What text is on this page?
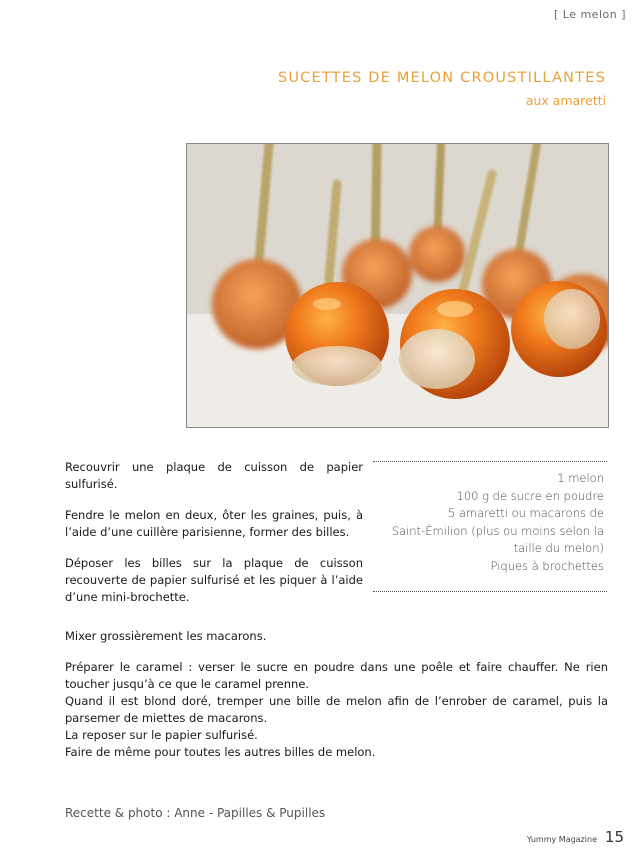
[ Le melon ]
SUCETTES DE MELON CROUSTILLANTES
aux amaretti
1 melon
100 g de sucre en poudre
5 amaretti ou macarons de
Saint-Émilion (plus ou moins selon la
taille du melon)
Piques à brochettes

Recouvrir une plaque de cuisson de papier sulfurisé.

Fendre le melon en deux, ôter les graines, puis, à l’aide d’une cuillère parisienne, former des billes.

Déposer les billes sur la plaque de cuisson recouverte de papier sulfurisé et les piquer à l’aide d’une mini-brochette.

Mixer grossièrement les macarons.

Préparer le caramel : verser le sucre en poudre dans une poêle et faire chauffer. Ne rien toucher jusqu’à ce que le caramel prenne.
Quand il est blond doré, tremper une bille de melon afin de l’enrober de caramel, puis la parsemer de miettes de macarons.
La reposer sur le papier sulfurisé.
Faire de même pour toutes les autres billes de melon.
Recette & photo : Anne - Papilles & Pupilles
Yummy Magazine 15
